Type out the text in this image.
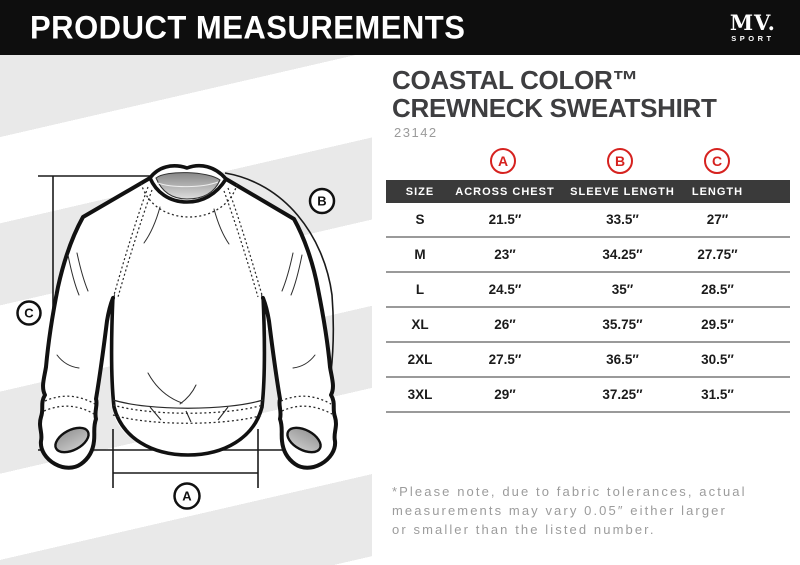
PRODUCT MEASUREMENTS	MV.
SPORT
A
B
C
COASTAL COLOR™
CREWNECK SWEATSHIRT
23142
A	B	C
SIZE	ACROSS CHEST	SLEEVE LENGTH	LENGTH
S	21.5″	33.5″	27″
M	23″	34.25″	27.75″
L	24.5″	35″	28.5″
XL	26″	35.75″	29.5″
2XL	27.5″	36.5″	30.5″
3XL	29″	37.25″	31.5″
*Please note, due to fabric tolerances, actual
measurements may vary 0.05″ either larger
or smaller than the listed number.
